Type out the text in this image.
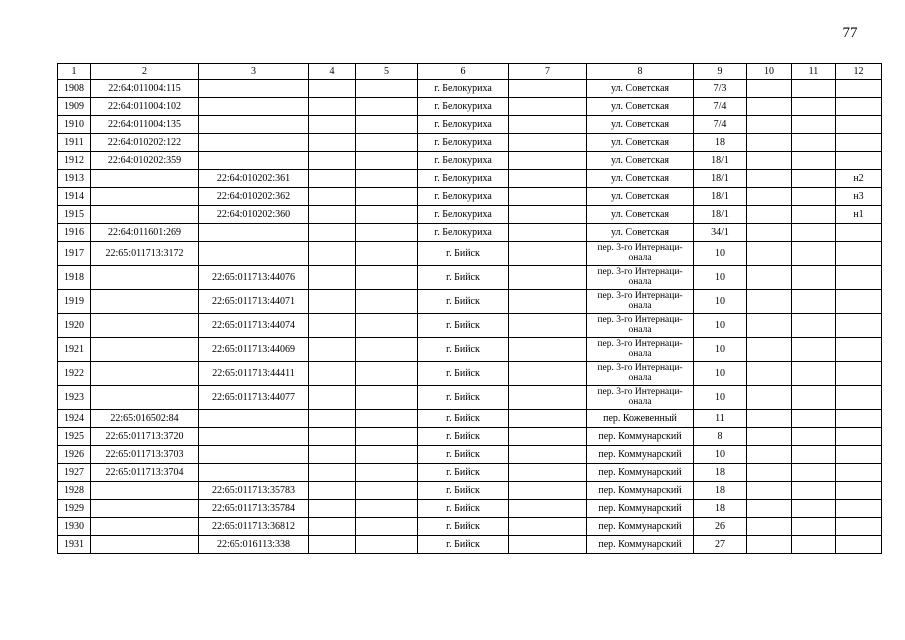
77
1	2	3	4	5	6	7	8	9	10	11	12
1908	22:64:011004:115				г. Белокуриха		ул. Советская	7/3			
1909	22:64:011004:102				г. Белокуриха		ул. Советская	7/4			
1910	22:64:011004:135				г. Белокуриха		ул. Советская	7/4			
1911	22:64:010202:122				г. Белокуриха		ул. Советская	18			
1912	22:64:010202:359				г. Белокуриха		ул. Советская	18/1			
1913		22:64:010202:361			г. Белокуриха		ул. Советская	18/1			н2
1914		22:64:010202:362			г. Белокуриха		ул. Советская	18/1			н3
1915		22:64:010202:360			г. Белокуриха		ул. Советская	18/1			н1
1916	22:64:011601:269				г. Белокуриха		ул. Советская	34/1			
1917	22:65:011713:3172				г. Бийск		пер. 3-го Интернаци-онала	10			
1918		22:65:011713:44076			г. Бийск		пер. 3-го Интернаци-онала	10			
1919		22:65:011713:44071			г. Бийск		пер. 3-го Интернаци-онала	10			
1920		22:65:011713:44074			г. Бийск		пер. 3-го Интернаци-онала	10			
1921		22:65:011713:44069			г. Бийск		пер. 3-го Интернаци-онала	10			
1922		22:65:011713:44411			г. Бийск		пер. 3-го Интернаци-онала	10			
1923		22:65:011713:44077			г. Бийск		пер. 3-го Интернаци-онала	10			
1924	22:65:016502:84				г. Бийск		пер. Кожевенный	11			
1925	22:65:011713:3720				г. Бийск		пер. Коммунарский	8			
1926	22:65:011713:3703				г. Бийск		пер. Коммунарский	10			
1927	22:65:011713:3704				г. Бийск		пер. Коммунарский	18			
1928		22:65:011713:35783			г. Бийск		пер. Коммунарский	18			
1929		22:65:011713:35784			г. Бийск		пер. Коммунарский	18			
1930		22:65:011713:36812			г. Бийск		пер. Коммунарский	26			
1931		22:65:016113:338			г. Бийск		пер. Коммунарский	27			
